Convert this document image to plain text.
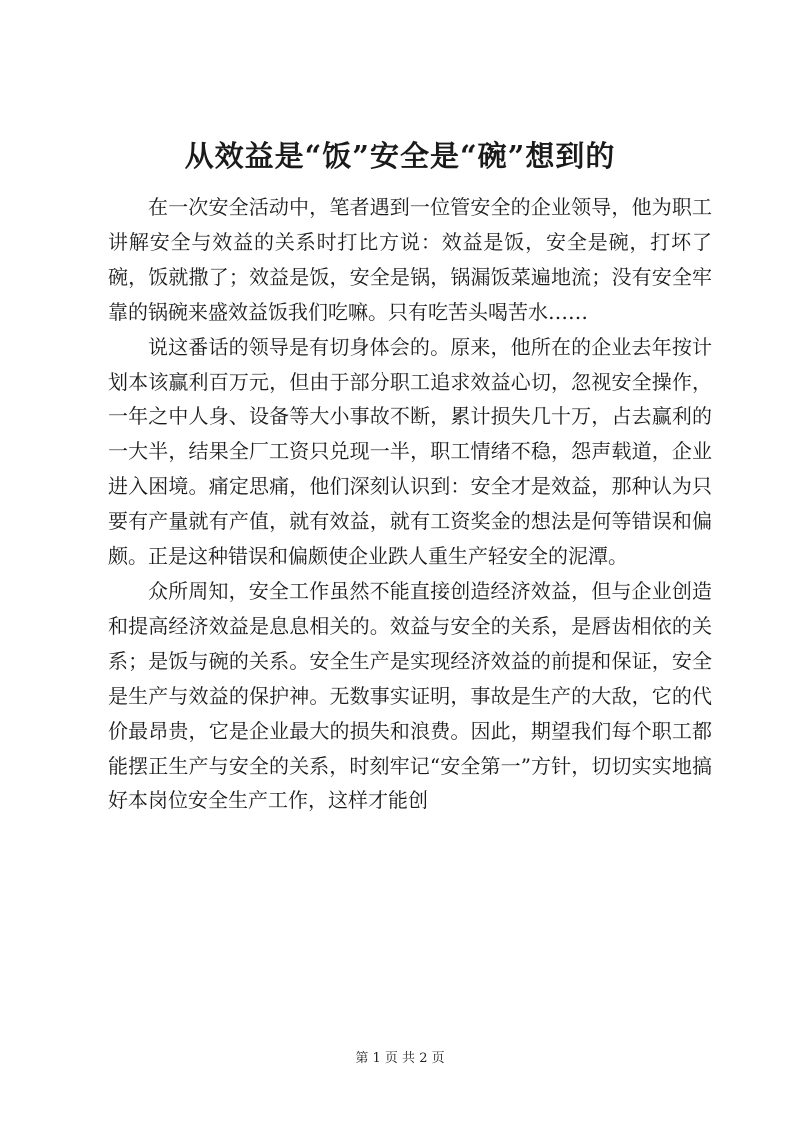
从效益是“饭”安全是“碗”想到的

在一次安全活动中，笔者遇到一位管安全的企业领导，他为职工讲解安全与效益的关系时打比方说：效益是饭，安全是碗，打坏了碗，饭就撒了；效益是饭，安全是锅，锅漏饭菜遍地流；没有安全牢靠的锅碗来盛效益饭我们吃嘛。只有吃苦头喝苦水……

说这番话的领导是有切身体会的。原来，他所在的企业去年按计划本该赢利百万元，但由于部分职工追求效益心切，忽视安全操作，一年之中人身、设备等大小事故不断，累计损失几十万，占去赢利的一大半，结果全厂工资只兑现一半，职工情绪不稳，怨声载道，企业进入困境。痛定思痛，他们深刻认识到：安全才是效益，那种认为只要有产量就有产值，就有效益，就有工资奖金的想法是何等错误和偏颇。正是这种错误和偏颇使企业跌人重生产轻安全的泥潭。

众所周知，安全工作虽然不能直接创造经济效益，但与企业创造和提高经济效益是息息相关的。效益与安全的关系，是唇齿相依的关系；是饭与碗的关系。安全生产是实现经济效益的前提和保证，安全是生产与效益的保护神。无数事实证明，事故是生产的大敌，它的代价最昂贵，它是企业最大的损失和浪费。因此，期望我们每个职工都能摆正生产与安全的关系，时刻牢记“安全第一”方针，切切实实地搞好本岗位安全生产工作，这样才能创

第 1 页 共 2 页
